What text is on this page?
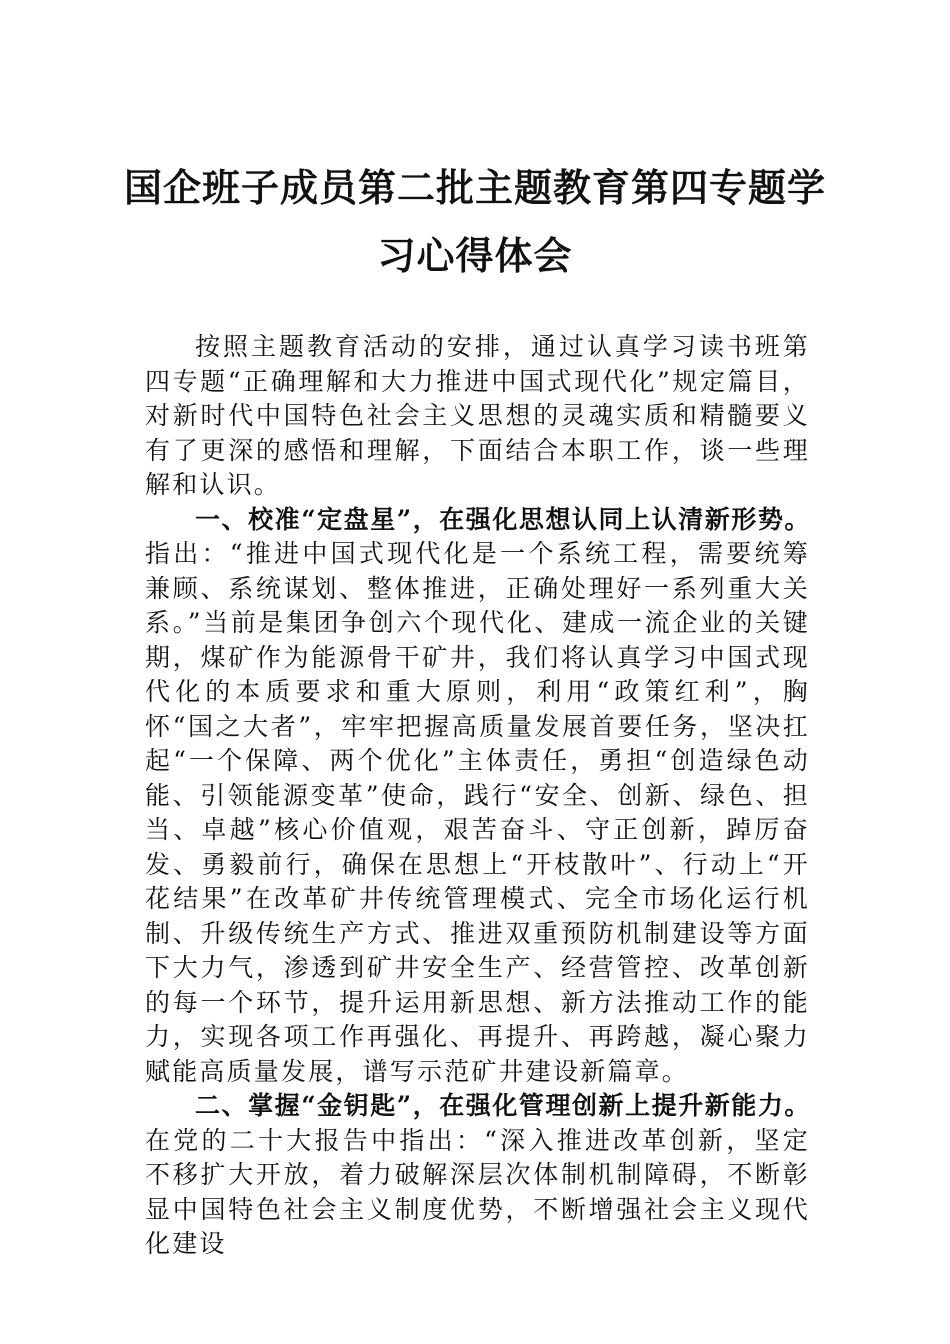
国企班子成员第二批主题教育第四专题学
习心得体会

按照主题教育活动的安排，通过认真学习读书班第四专题“正确理解和大力推进中国式现代化”规定篇目，对新时代中国特色社会主义思想的灵魂实质和精髓要义有了更深的感悟和理解，下面结合本职工作，谈一些理解和认识。

一、校准“定盘星”，在强化思想认同上认清新形势。指出：“推进中国式现代化是一个系统工程，需要统筹兼顾、系统谋划、整体推进，正确处理好一系列重大关系。”当前是集团争创六个现代化、建成一流企业的关键期，煤矿作为能源骨干矿井，我们将认真学习中国式现代化的本质要求和重大原则，利用“政策红利”，胸怀“国之大者”，牢牢把握高质量发展首要任务，坚决扛起“一个保障、两个优化”主体责任，勇担“创造绿色动能、引领能源变革”使命，践行“安全、创新、绿色、担当、卓越”核心价值观，艰苦奋斗、守正创新，踔厉奋发、勇毅前行，确保在思想上“开枝散叶”、行动上“开花结果”在改革矿井传统管理模式、完全市场化运行机制、升级传统生产方式、推进双重预防机制建设等方面下大力气，渗透到矿井安全生产、经营管控、改革创新的每一个环节，提升运用新思想、新方法推动工作的能力，实现各项工作再强化、再提升、再跨越，凝心聚力赋能高质量发展，谱写示范矿井建设新篇章。

二、掌握“金钥匙”，在强化管理创新上提升新能力。在党的二十大报告中指出：“深入推进改革创新，坚定不移扩大开放，着力破解深层次体制机制障碍，不断彰显中国特色社会主义制度优势，不断增强社会主义现代化建设
